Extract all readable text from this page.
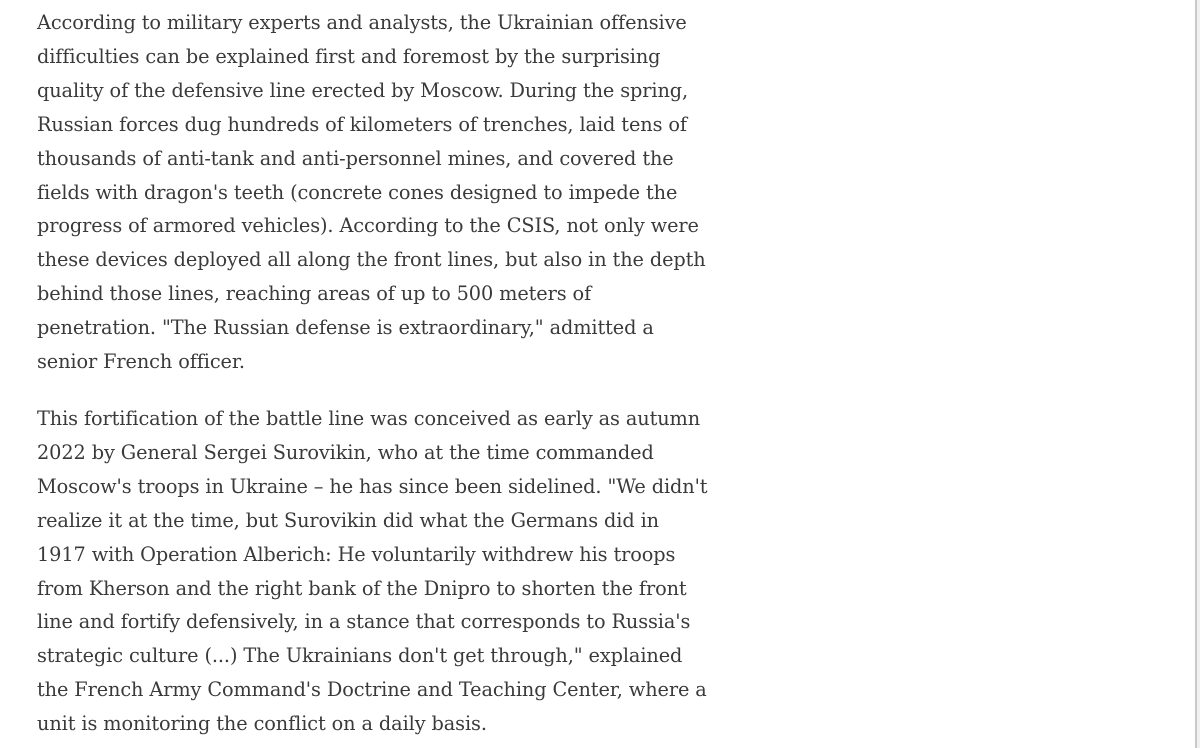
According to military experts and analysts, the Ukrainian offensive difficulties can be explained first and foremost by the surprising quality of the defensive line erected by Moscow. During the spring, Russian forces dug hundreds of kilometers of trenches, laid tens of thousands of anti-tank and anti-personnel mines, and covered the fields with dragon's teeth (concrete cones designed to impede the progress of armored vehicles). According to the CSIS, not only were these devices deployed all along the front lines, but also in the depth behind those lines, reaching areas of up to 500 meters of penetration. "The Russian defense is extraordinary," admitted a senior French officer.

This fortification of the battle line was conceived as early as autumn 2022 by General Sergei Surovikin, who at the time commanded Moscow's troops in Ukraine – he has since been sidelined. "We didn't realize it at the time, but Surovikin did what the Germans did in 1917 with Operation Alberich: He voluntarily withdrew his troops from Kherson and the right bank of the Dnipro to shorten the front line and fortify defensively, in a stance that corresponds to Russia's strategic culture (...) The Ukrainians don't get through," explained the French Army Command's Doctrine and Teaching Center, where a unit is monitoring the conflict on a daily basis.
